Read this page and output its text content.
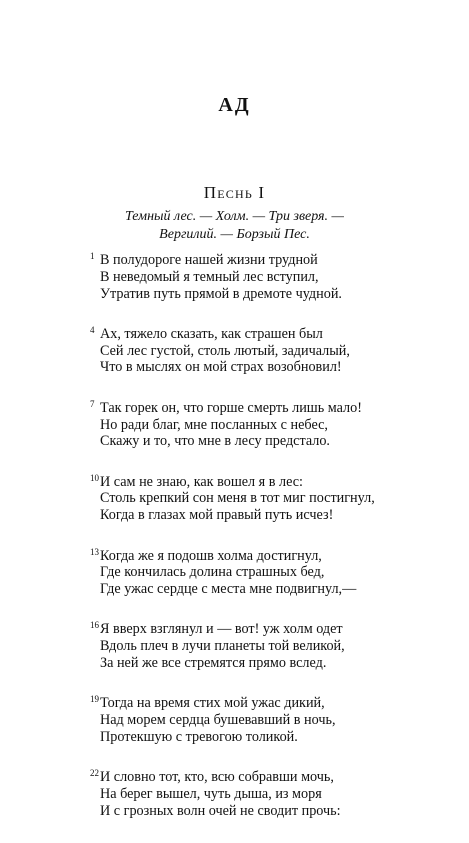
АД
Песнь I
Темный лес. — Холм. — Три зверя. —
Вергилий. — Борзый Пес.
1 В полудороге нашей жизни трудной
В неведомый я темный лес вступил,
Утратив путь прямой в дремоте чудной.
4 Ах, тяжело сказать, как страшен был
Сей лес густой, столь лютый, задичалый,
Что в мыслях он мой страх возобновил!
7 Так горек он, что горше смерть лишь мало!
Но ради благ, мне посланных с небес,
Скажу и то, что мне в лесу предстало.
10 И сам не знаю, как вошел я в лес:
Столь крепкий сон меня в тот миг постигнул,
Когда в глазах мой правый путь исчез!
13 Когда же я подошв холма достигнул,
Где кончилась долина страшных бед,
Где ужас сердце с места мне подвигнул,—
16 Я вверх взглянул и — вот! уж холм одет
Вдоль плеч в лучи планеты той великой,
За ней же все стремятся прямо вслед.
19 Тогда на время стих мой ужас дикий,
Над морем сердца бушевавший в ночь,
Протекшую с тревогою толикой.
22 И словно тот, кто, всю собравши мочь,
На берег вышел, чуть дыша, из моря
И с грозных волн очей не сводит прочь:
